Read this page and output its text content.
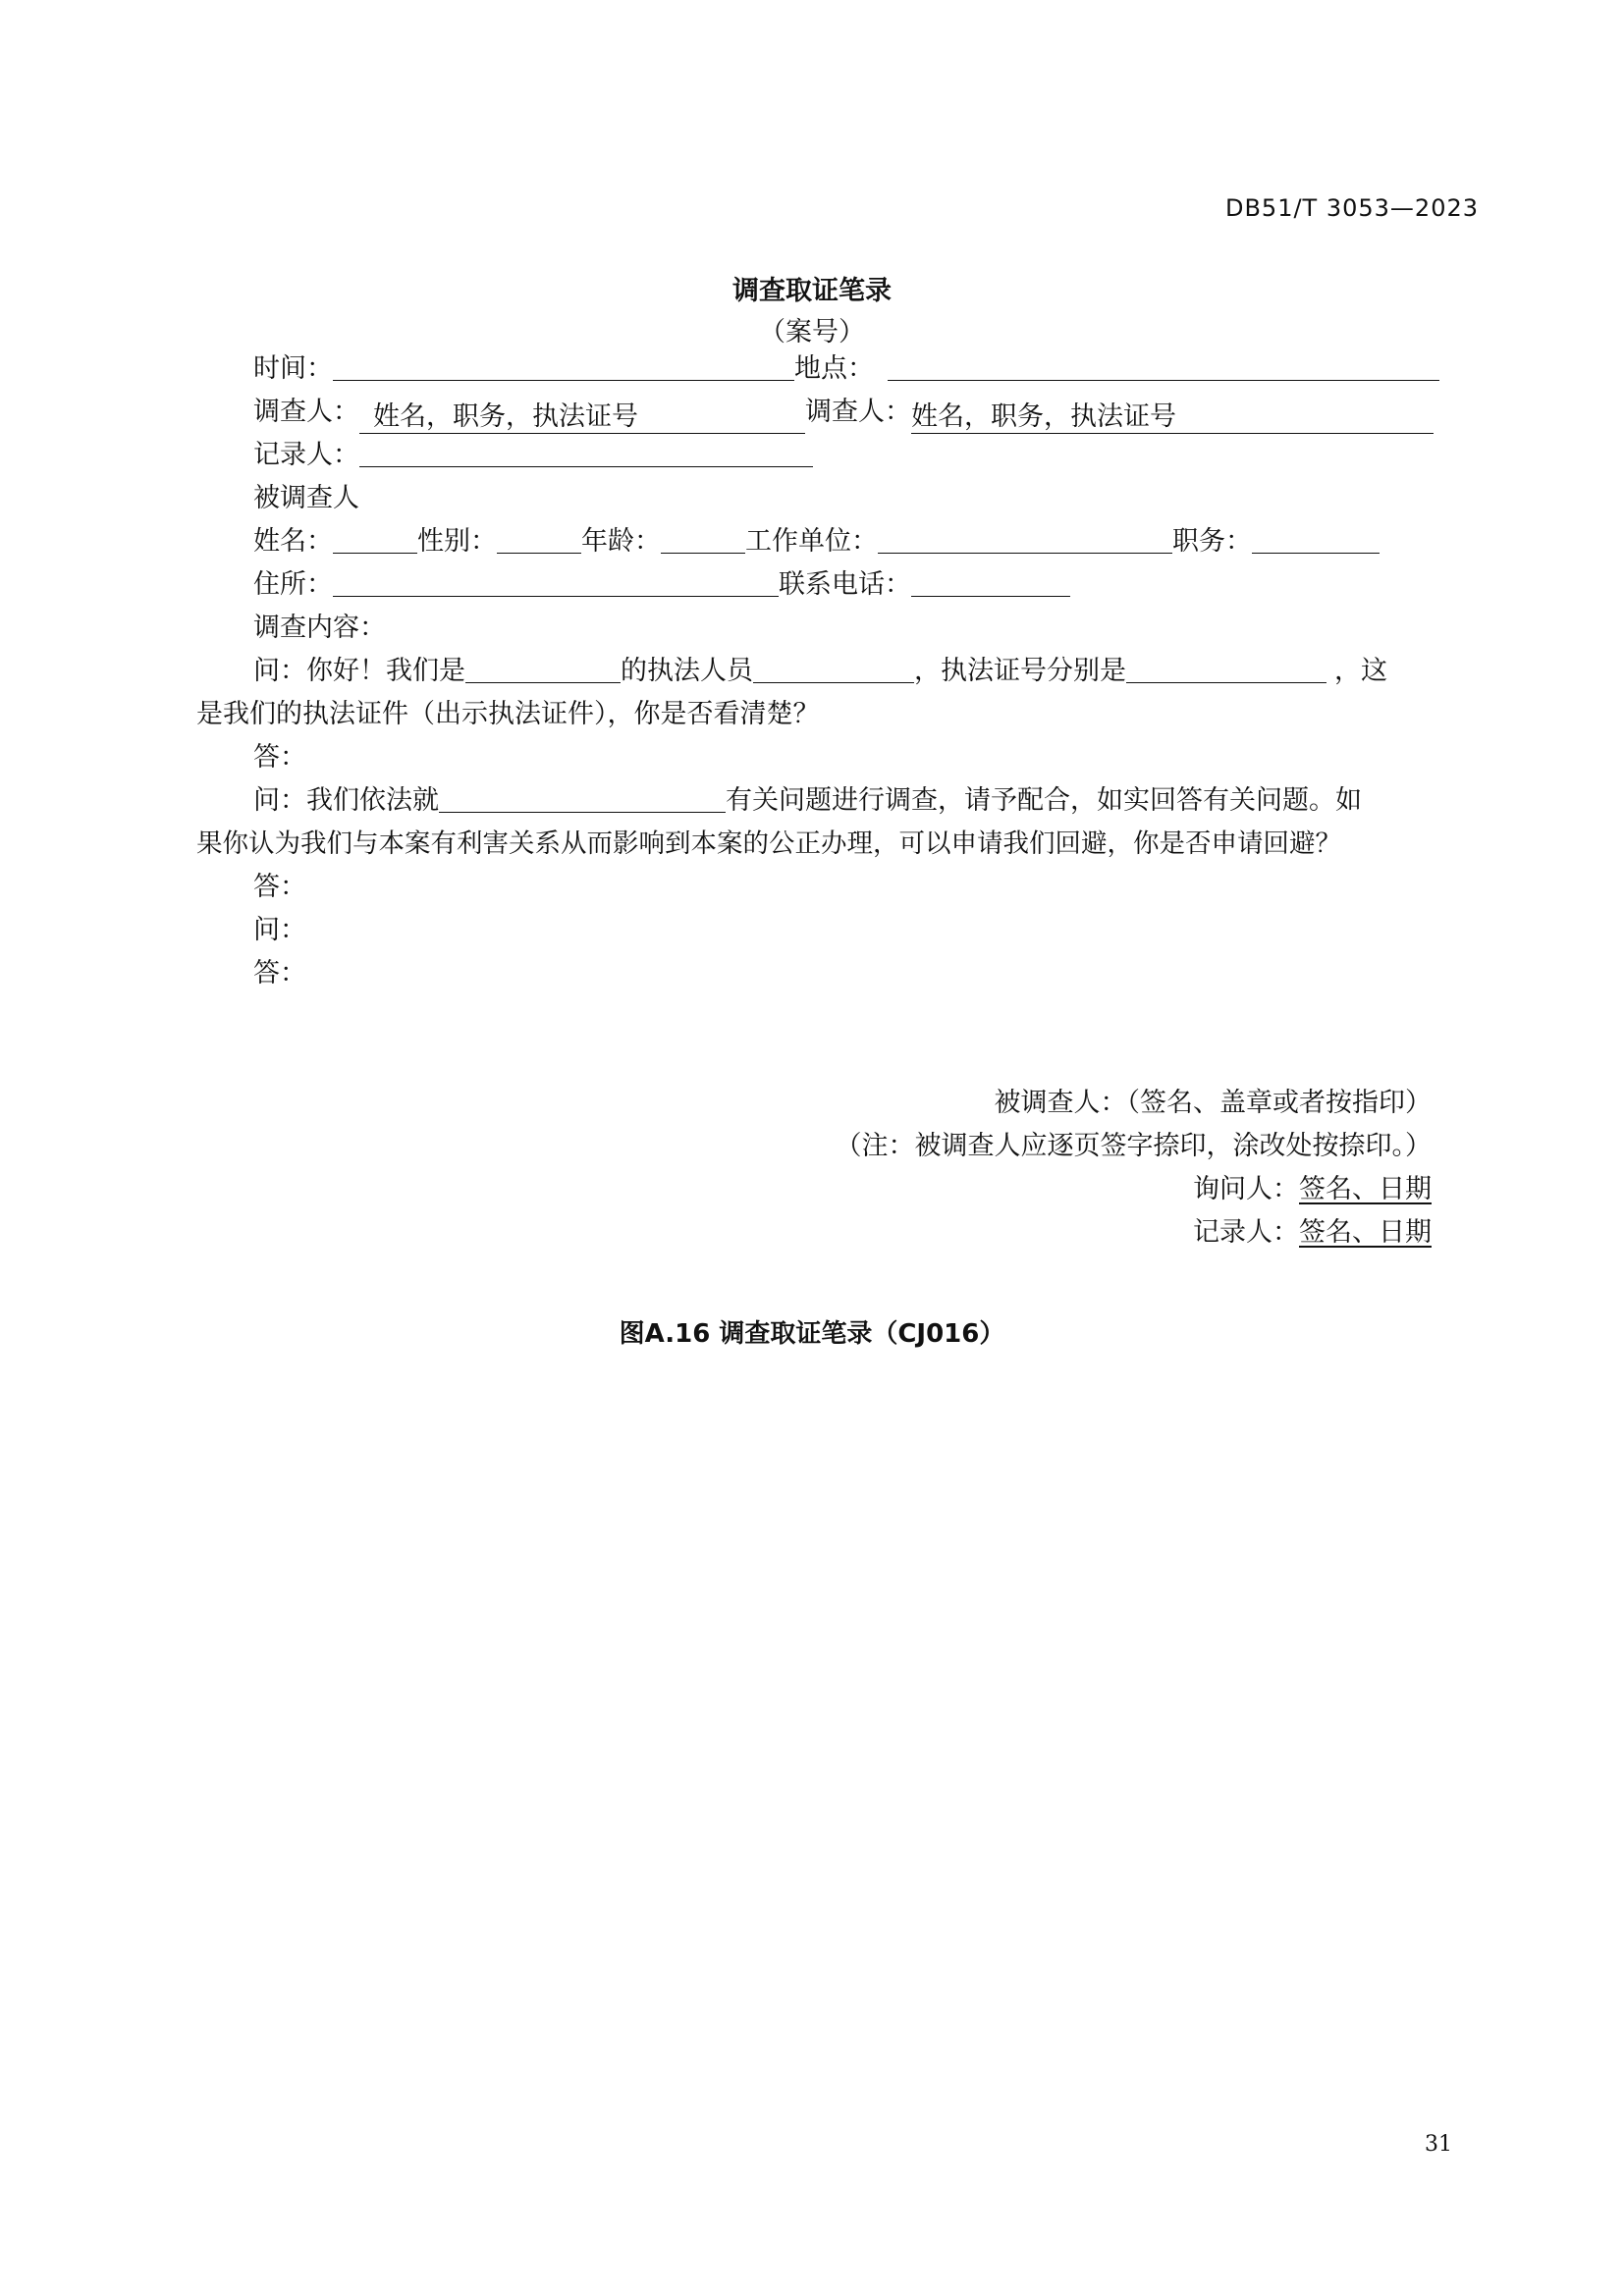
DB51/T 3053—2023
调查取证笔录
（案号）
时间：	地点：
调查人： 姓名，职务，执法证号	调查人：姓名，职务，执法证号
记录人：
被调查人
姓名：	性别：	年龄：	工作单位：	职务：
住所：	联系电话：
调查内容：
问：你好！我们是	的执法人员	，执法证号分别是	，这
是我们的执法证件（出示执法证件），你是否看清楚？
答：
问：我们依法就	有关问题进行调查，请予配合，如实回答有关问题。如
果你认为我们与本案有利害关系从而影响到本案的公正办理，可以申请我们回避，你是否申请回避？
答：
问：
答：
被调查人：（签名、盖章或者按指印）
（注：被调查人应逐页签字捺印，涂改处按捺印。）
询问人：签名、日期
记录人：签名、日期
图A.16 调查取证笔录（CJ016）
31
